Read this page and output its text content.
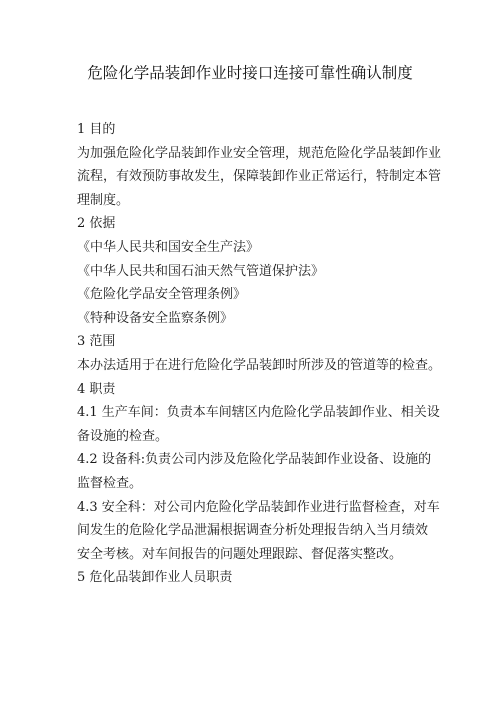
危险化学品装卸作业时接口连接可靠性确认制度
1 目的
为加强危险化学品装卸作业安全管理，规范危险化学品装卸作业
流程，有效预防事故发生，保障装卸作业正常运行，特制定本管
理制度。
2 依据
《中华人民共和国安全生产法》
《中华人民共和国石油天然气管道保护法》
《危险化学品安全管理条例》
《特种设备安全监察条例》
3 范围
本办法适用于在进行危险化学品装卸时所涉及的管道等的检查。
4 职责
4.1 生产车间：负责本车间辖区内危险化学品装卸作业、相关设
备设施的检查。
4.2 设备科:负责公司内涉及危险化学品装卸作业设备、设施的
监督检查。
4.3 安全科：对公司内危险化学品装卸作业进行监督检查，对车
间发生的危险化学品泄漏根据调查分析处理报告纳入当月绩效
安全考核。对车间报告的问题处理跟踪、督促落实整改。
5 危化品装卸作业人员职责
